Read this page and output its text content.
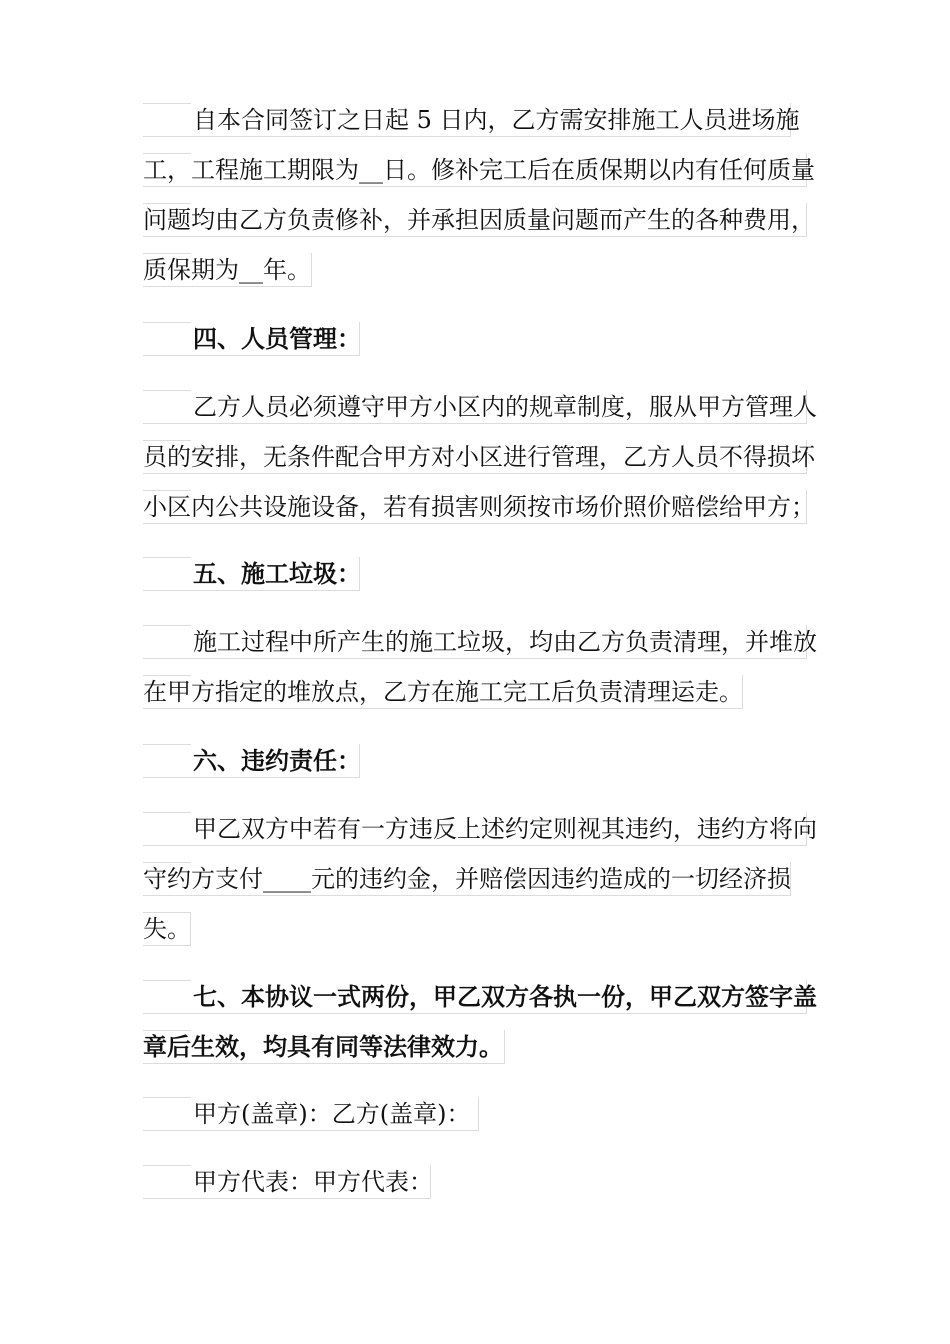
自本合同签订之日起 5 日内，乙方需安排施工人员进场施
工，工程施工期限为__日。修补完工后在质保期以内有任何质量
问题均由乙方负责修补，并承担因质量问题而产生的各种费用，
质保期为__年。
四、人员管理：
乙方人员必须遵守甲方小区内的规章制度，服从甲方管理人
员的安排，无条件配合甲方对小区进行管理，乙方人员不得损坏
小区内公共设施设备，若有损害则须按市场价照价赔偿给甲方；
五、施工垃圾：
施工过程中所产生的施工垃圾，均由乙方负责清理，并堆放
在甲方指定的堆放点，乙方在施工完工后负责清理运走。
六、违约责任：
甲乙双方中若有一方违反上述约定则视其违约，违约方将向
守约方支付____元的违约金，并赔偿因违约造成的一切经济损
失。
七、本协议一式两份，甲乙双方各执一份，甲乙双方签字盖
章后生效，均具有同等法律效力。
甲方(盖章)：乙方(盖章)：
甲方代表：甲方代表：
